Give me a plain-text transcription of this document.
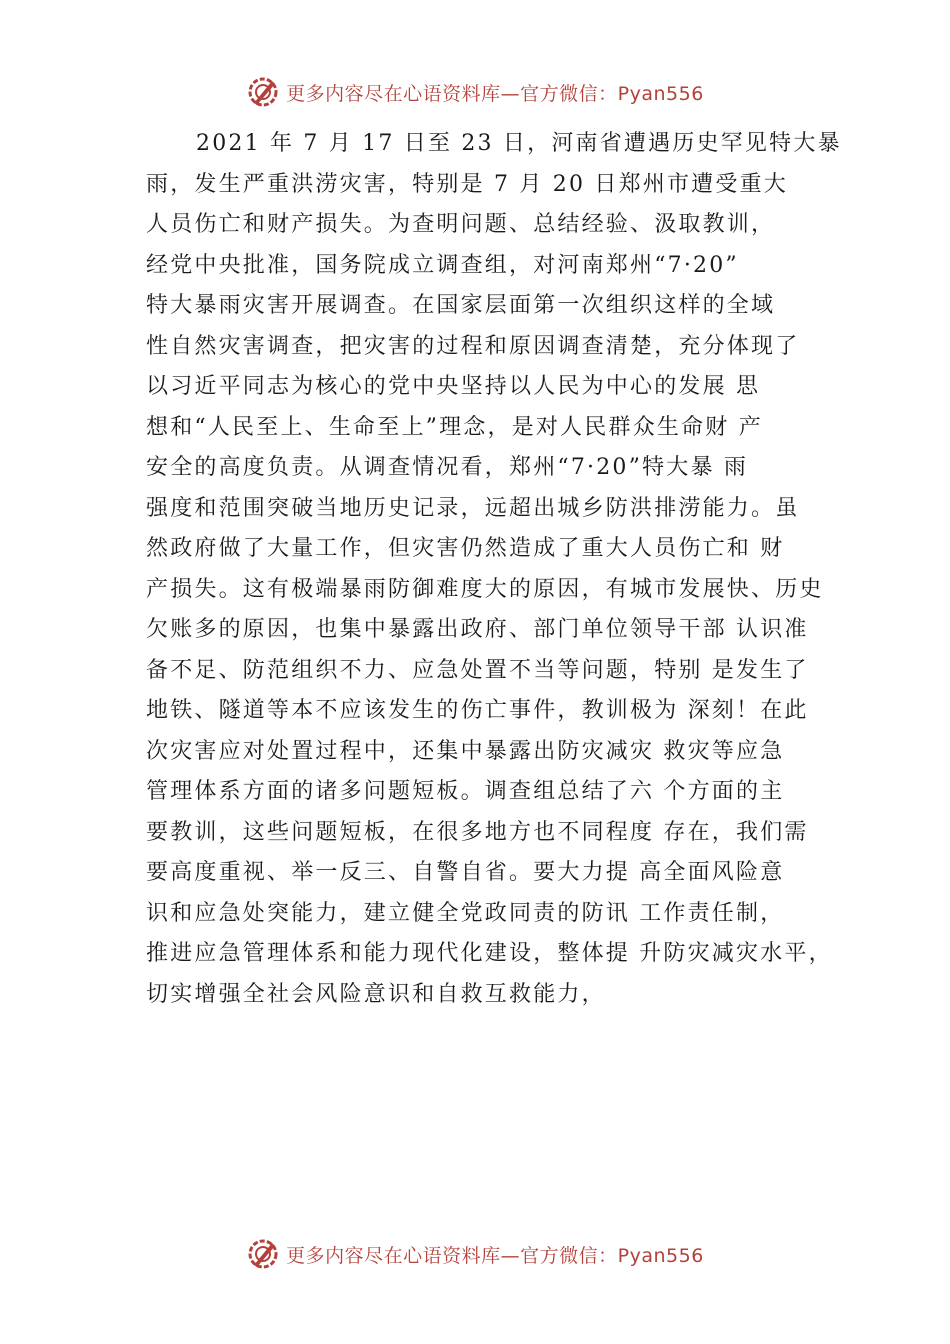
更多内容尽在心语资料库—官方微信：Pyan556
2021 年 7 月 17 日至 23 日，河南省遭遇历史罕见特大暴
雨，发生严重洪涝灾害，特别是 7 月 20 日郑州市遭受重大
人员伤亡和财产损失。为查明问题、总结经验、汲取教训，
经党中央批准，国务院成立调查组，对河南郑州“7·20”
特大暴雨灾害开展调查。在国家层面第一次组织这样的全域
性自然灾害调查，把灾害的过程和原因调查清楚，充分体现了
以习近平同志为核心的党中央坚持以人民为中心的发展 思
想和“人民至上、生命至上”理念，是对人民群众生命财 产
安全的高度负责。从调查情况看，郑州“7·20”特大暴 雨
强度和范围突破当地历史记录，远超出城乡防洪排涝能力。虽
然政府做了大量工作，但灾害仍然造成了重大人员伤亡和 财
产损失。这有极端暴雨防御难度大的原因，有城市发展快、历史
欠账多的原因，也集中暴露出政府、部门单位领导干部 认识准
备不足、防范组织不力、应急处置不当等问题，特别 是发生了
地铁、隧道等本不应该发生的伤亡事件，教训极为 深刻！在此
次灾害应对处置过程中，还集中暴露出防灾减灾 救灾等应急
管理体系方面的诸多问题短板。调查组总结了六 个方面的主
要教训，这些问题短板，在很多地方也不同程度 存在，我们需
要高度重视、举一反三、自警自省。要大力提 高全面风险意
识和应急处突能力，建立健全党政同责的防讯 工作责任制，
推进应急管理体系和能力现代化建设，整体提 升防灾减灾水平，
切实增强全社会风险意识和自救互救能力，
更多内容尽在心语资料库—官方微信：Pyan556
